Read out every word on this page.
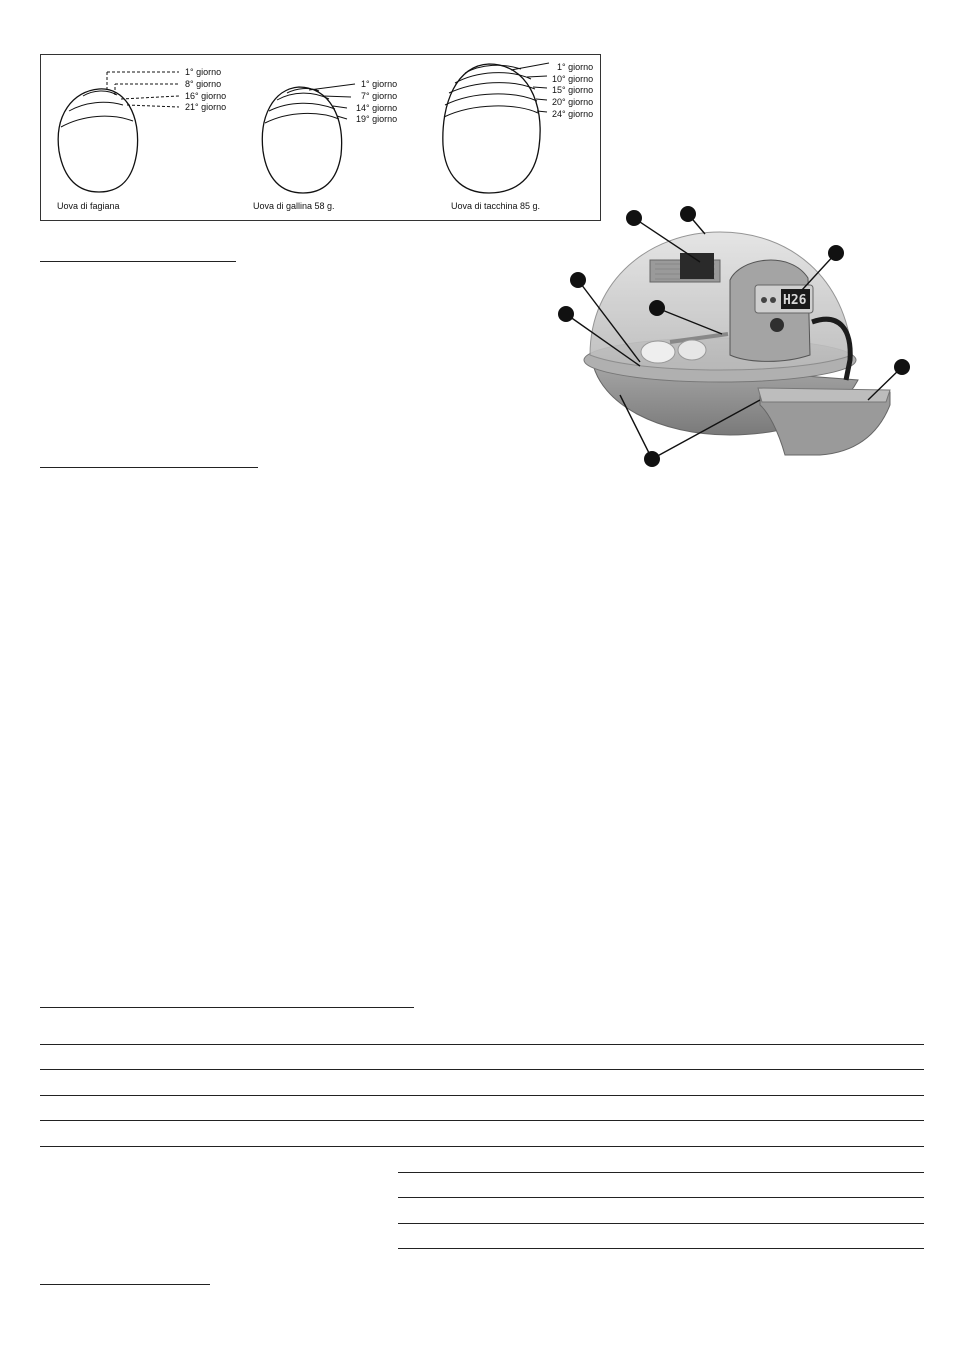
1° giorno
8° giorno
16° giorno
21° giorno
Uova di fagiana
1° giorno
7° giorno
14° giorno
19° giorno
Uova di gallina 58 g.
1° giorno
10° giorno
15° giorno
20° giorno
24° giorno
Uova di tacchina 85 g.
H26
